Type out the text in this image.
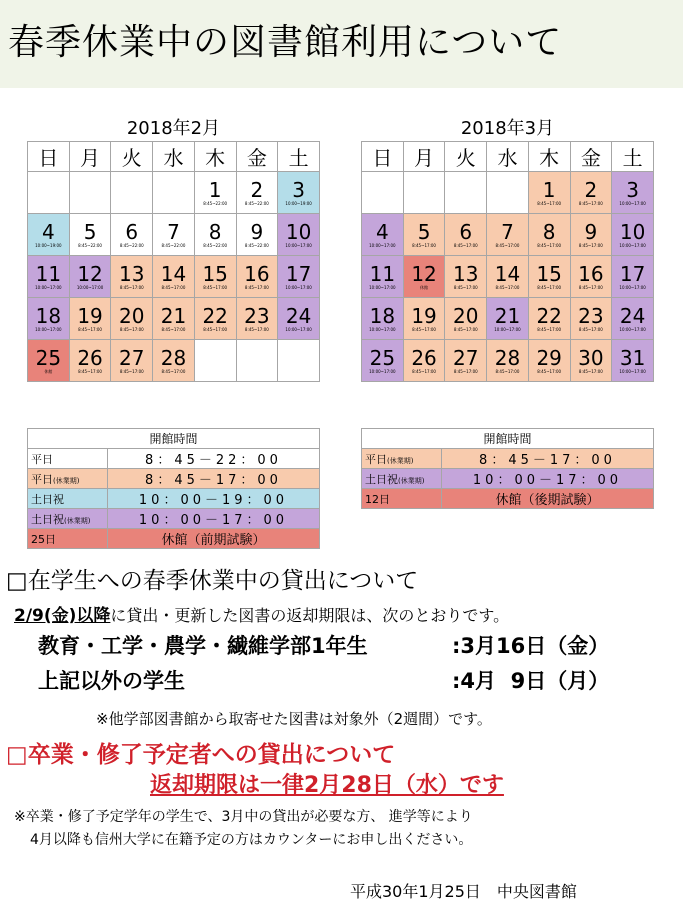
春季休業中の図書館利用について
2018年2月						
日	月	火	水	木	金	土

				1
8:45~22:00	2
8:45~22:00	3
10:00~19:00

4
10:00~19:00	5
8:45~22:00	6
8:45~22:00	7
8:45~22:00	8
8:45~22:00	9
8:45~22:00	10
10:00~17:00

11
10:00~17:00	12
10:00~17:00	13
8:45~17:00	14
8:45~17:00	15
8:45~17:00	16
8:45~17:00	17
10:00~17:00

18
10:00~17:00	19
8:45~17:00	20
8:45~17:00	21
8:45~17:00	22
8:45~17:00	23
8:45~17:00	24
10:00~17:00

25
休館	26
8:45~17:00	27
8:45~17:00	28
8:45~17:00			

2018年3月						
日	月	火	水	木	金	土

				1
8:45~17:00	2
8:45~17:00	3
10:00~17:00

4
10:00~17:00	5
8:45~17:00	6
8:45~17:00	7
8:45~17:00	8
8:45~17:00	9
8:45~17:00	10
10:00~17:00

11
10:00~17:00	12
休館	13
8:45~17:00	14
8:45~17:00	15
8:45~17:00	16
8:45~17:00	17
10:00~17:00

18
10:00~17:00	19
8:45~17:00	20
8:45~17:00	21
10:00~17:00	22
8:45~17:00	23
8:45~17:00	24
10:00~17:00

25
10:00~17:00	26
8:45~17:00	27
8:45~17:00	28
8:45~17:00	29
8:45~17:00	30
8:45~17:00	31
10:00~17:00
開館時間	
平日	8：45－22：00
平日(休業期)	8：45－17：00
土日祝	10：00－19：00
土日祝(休業期)	10：00－17：00
25日	休館（前期試験）
開館時間	
平日(休業期)	8：45－17：00
土日祝(休業期)	10：00－17：00
12日	休館（後期試験）
□在学生への春季休業中の貸出について
2/9(金)以降に貸出・更新した図書の返却期限は、次のとおりです。
教育・工学・農学・繊維学部1年生	:3月16日（金）
上記以外の学生	:4月  9日（月）
※他学部図書館から取寄せた図書は対象外（2週間）です。
□卒業・修了予定者への貸出について
返却期限は一律2月28日（水）です
※卒業・修了予定学年の学生で、3月中の貸出が必要な方、 進学等により
4月以降も信州大学に在籍予定の方はカウンターにお申し出ください。
平成30年1月25日　中央図書館
